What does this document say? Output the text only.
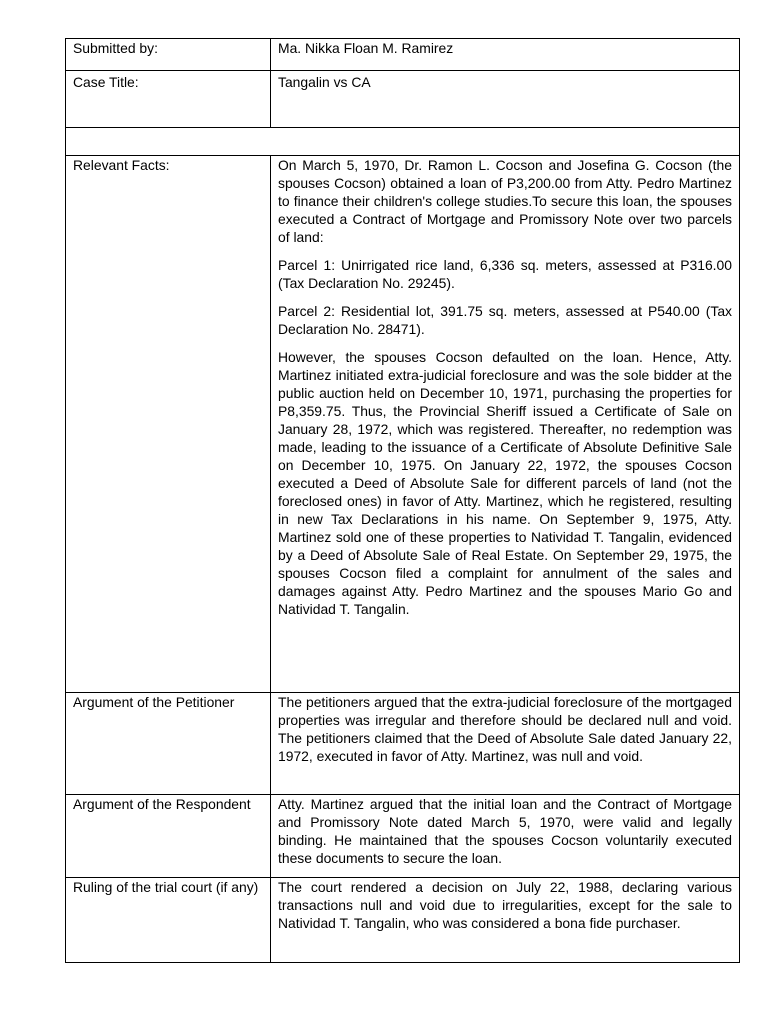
Submitted by:	Ma. Nikka Floan M. Ramirez

Case Title:	Tangalin vs CA

Relevant Facts:	On March 5, 1970, Dr. Ramon L. Cocson and Josefina G. Cocson (the spouses Cocson) obtained a loan of P3,200.00 from Atty. Pedro Martinez to finance their children's college studies.To secure this loan, the spouses executed a Contract of Mortgage and Promissory Note over two parcels of land:

Parcel 1: Unirrigated rice land, 6,336 sq. meters, assessed at P316.00 (Tax Declaration No. 29245).

Parcel 2: Residential lot, 391.75 sq. meters, assessed at P540.00 (Tax Declaration No. 28471).

However, the spouses Cocson defaulted on the loan. Hence, Atty. Martinez initiated extra-judicial foreclosure and was the sole bidder at the public auction held on December 10, 1971, purchasing the properties for P8,359.75. Thus, the Provincial Sheriff issued a Certificate of Sale on January 28, 1972, which was registered. Thereafter, no redemption was made, leading to the issuance of a Certificate of Absolute Definitive Sale on December 10, 1975. On January 22, 1972, the spouses Cocson executed a Deed of Absolute Sale for different parcels of land (not the foreclosed ones) in favor of Atty. Martinez, which he registered, resulting in new Tax Declarations in his name. On September 9, 1975, Atty. Martinez sold one of these properties to Natividad T. Tangalin, evidenced by a Deed of Absolute Sale of Real Estate. On September 29, 1975, the spouses Cocson filed a complaint for annulment of the sales and damages against Atty. Pedro Martinez and the spouses Mario Go and Natividad T. Tangalin.

Argument of the Petitioner	The petitioners argued that the extra-judicial foreclosure of the mortgaged properties was irregular and therefore should be declared null and void. The petitioners claimed that the Deed of Absolute Sale dated January 22, 1972, executed in favor of Atty. Martinez, was null and void.

Argument of the Respondent	Atty. Martinez argued that the initial loan and the Contract of Mortgage and Promissory Note dated March 5, 1970, were valid and legally binding. He maintained that the spouses Cocson voluntarily executed these documents to secure the loan.

Ruling of the trial court (if any)	The court rendered a decision on July 22, 1988, declaring various transactions null and void due to irregularities, except for the sale to Natividad T. Tangalin, who was considered a bona fide purchaser.
